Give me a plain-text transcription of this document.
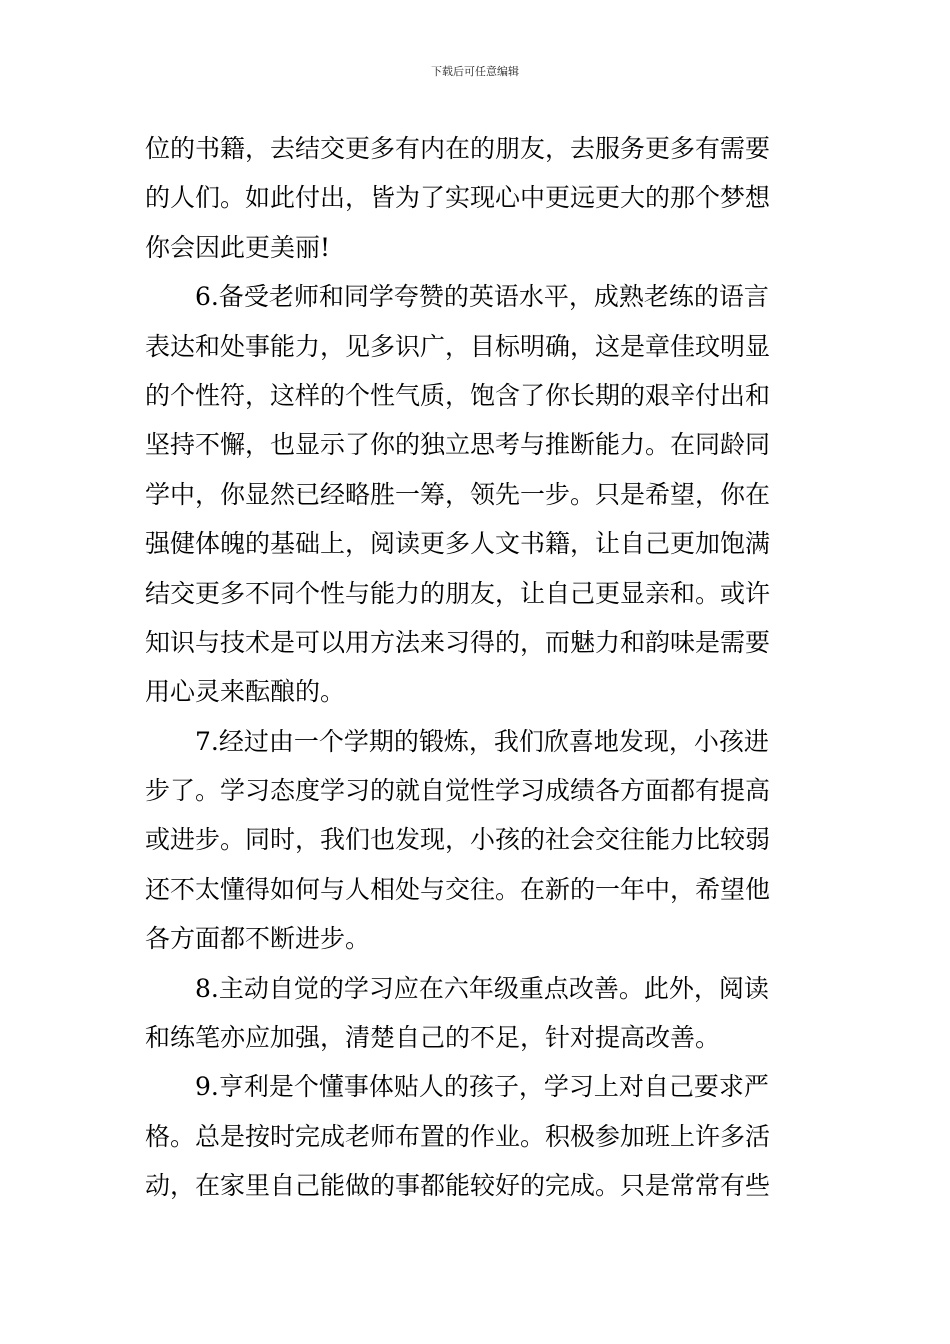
下载后可任意编辑
位的书籍，去结交更多有内在的朋友，去服务更多有需要
的人们。如此付出，皆为了实现心中更远更大的那个梦想
你会因此更美丽!
6.备受老师和同学夸赞的英语水平，成熟老练的语言
表达和处事能力，见多识广，目标明确，这是章佳玟明显
的个性符，这样的个性气质，饱含了你长期的艰辛付出和
坚持不懈，也显示了你的独立思考与推断能力。在同龄同
学中，你显然已经略胜一筹，领先一步。只是希望，你在
强健体魄的基础上，阅读更多人文书籍，让自己更加饱满
结交更多不同个性与能力的朋友，让自己更显亲和。或许
知识与技术是可以用方法来习得的，而魅力和韵味是需要
用心灵来酝酿的。
7.经过由一个学期的锻炼，我们欣喜地发现，小孩进
步了。学习态度学习的就自觉性学习成绩各方面都有提高
或进步。同时，我们也发现，小孩的社会交往能力比较弱
还不太懂得如何与人相处与交往。在新的一年中，希望他
各方面都不断进步。
8.主动自觉的学习应在六年级重点改善。此外，阅读
和练笔亦应加强，清楚自己的不足，针对提高改善。
9.亨利是个懂事体贴人的孩子，学习上对自己要求严
格。总是按时完成老师布置的作业。积极参加班上许多活
动，在家里自己能做的事都能较好的完成。只是常常有些
